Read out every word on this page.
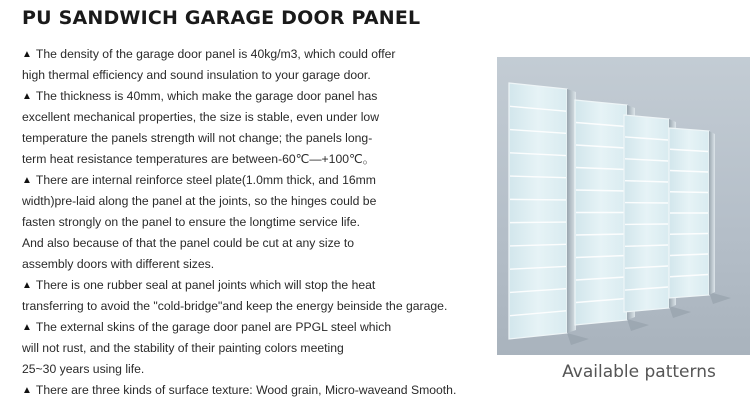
PU SANDWICH GARAGE DOOR PANEL
▲ The density of the garage door panel is 40kg/m3, which could offer
high thermal efficiency and sound insulation to your garage door.
▲ The thickness is 40mm, which make the garage door panel has
excellent mechanical properties, the size is stable, even under low
temperature the panels strength will not change; the panels long-
term heat resistance temperatures are between-60℃—+100℃。
▲ There are internal reinforce steel plate(1.0mm thick, and 16mm
width)pre-laid along the panel at the joints, so the hinges could be
fasten strongly on the panel to ensure the longtime service life.
And also because of that the panel could be cut at any size to
assembly doors with different sizes.
▲ There is one rubber seal at panel joints which will stop the heat
transferring to avoid the "cold-bridge"and keep the energy beinside the garage.
▲ The external skins of the garage door panel are PPGL steel which
will not rust, and the stability of their painting colors meeting
25~30 years using life.
▲ There are three kinds of surface texture: Wood grain, Micro-waveand Smooth.
Available patterns
